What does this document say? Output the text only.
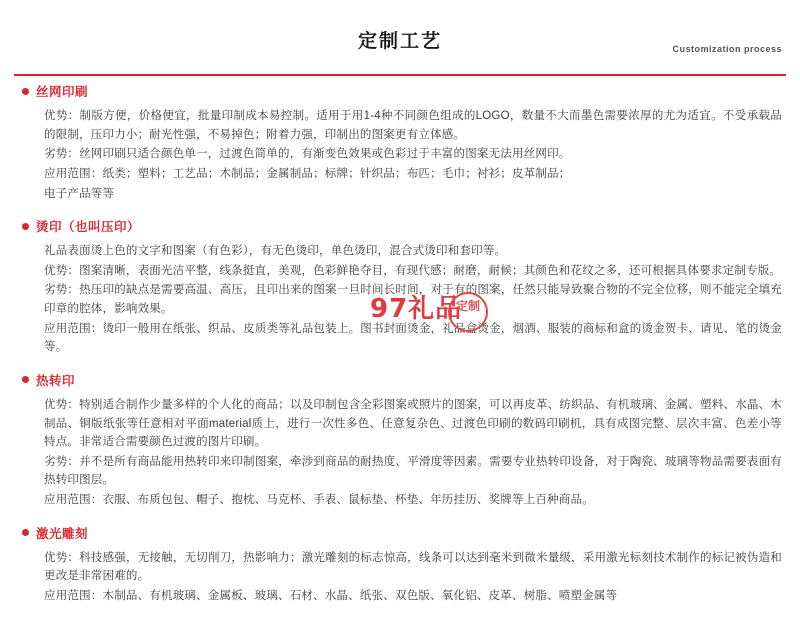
定制工艺	Customization process
丝网印刷
优势：制版方便，价格便宜，批量印制成本易控制。适用于用1-4种不同颜色组成的LOGO，数量不大而墨色需要浓厚的尤为适宜。不受承载品的限制，压印力小；耐光性强，不易掉色；附着力强，印制出的图案更有立体感。
劣势：丝网印刷只适合颜色单一，过渡色简单的，有渐变色效果或色彩过于丰富的图案无法用丝网印。
应用范围：纸类；塑料；工艺品；木制品；金属制品；标牌；针织品；布匹；毛巾；衬衫；皮革制品；
电子产品等等
烫印（也叫压印）
礼品表面烫上色的文字和图案（有色彩），有无色烫印，单色烫印，混合式烫印和套印等。
优势：图案清晰，表面光洁平整，线条挺直，美观，色彩鲜艳夺目，有现代感；耐磨，耐候；其颜色和花纹之多，还可根据具体要求定制专版。
劣势：热压印的缺点是需要高温、高压，且印出来的图案一旦时间长时间，对于有的图案，任然只能导致聚合物的不完全位移，则不能完全填充印章的腔体，影响效果。
应用范围：烫印一般用在纸张、织品、皮质类等礼品包装上。图书封面烫金，礼品盒烫金，烟酒、服装的商标和盒的烫金贺卡、请见、笔的烫金等。
热转印
优势：特别适合制作少量多样的个人化的商品；以及印制包含全彩图案或照片的图案，可以再皮革、纺织品、有机玻璃、金属、塑料、水晶、木制品、铜版纸张等任意相对平面material质上，进行一次性多色、任意复杂色、过渡色印刷的数码印刷机，具有成图完整、层次丰富、色差小等特点。非常适合需要颜色过渡的图片印刷。
劣势：并不是所有商品能用热转印来印制图案，牵涉到商品的耐热度、平滑度等因素。需要专业热转印设备，对于陶瓷、玻璃等物品需要表面有热转印图层。
应用范围：衣服、布质包包、帽子、抱枕、马克杯、手表、鼠标垫、杯垫、年历挂历、奖牌等上百种商品。
激光雕刻
优势：科技感强，无接触，无切削刀，热影响力；激光雕刻的标志惊高，线条可以达到毫米到微米量级，采用激光标刻技术制作的标记被伪造和更改是非常困难的。
应用范围：木制品、有机玻璃、金属板、玻璃、石材、水晶、纸张、双色版、氧化铝、皮革、树脂、喷塑金属等
97礼品
定制
